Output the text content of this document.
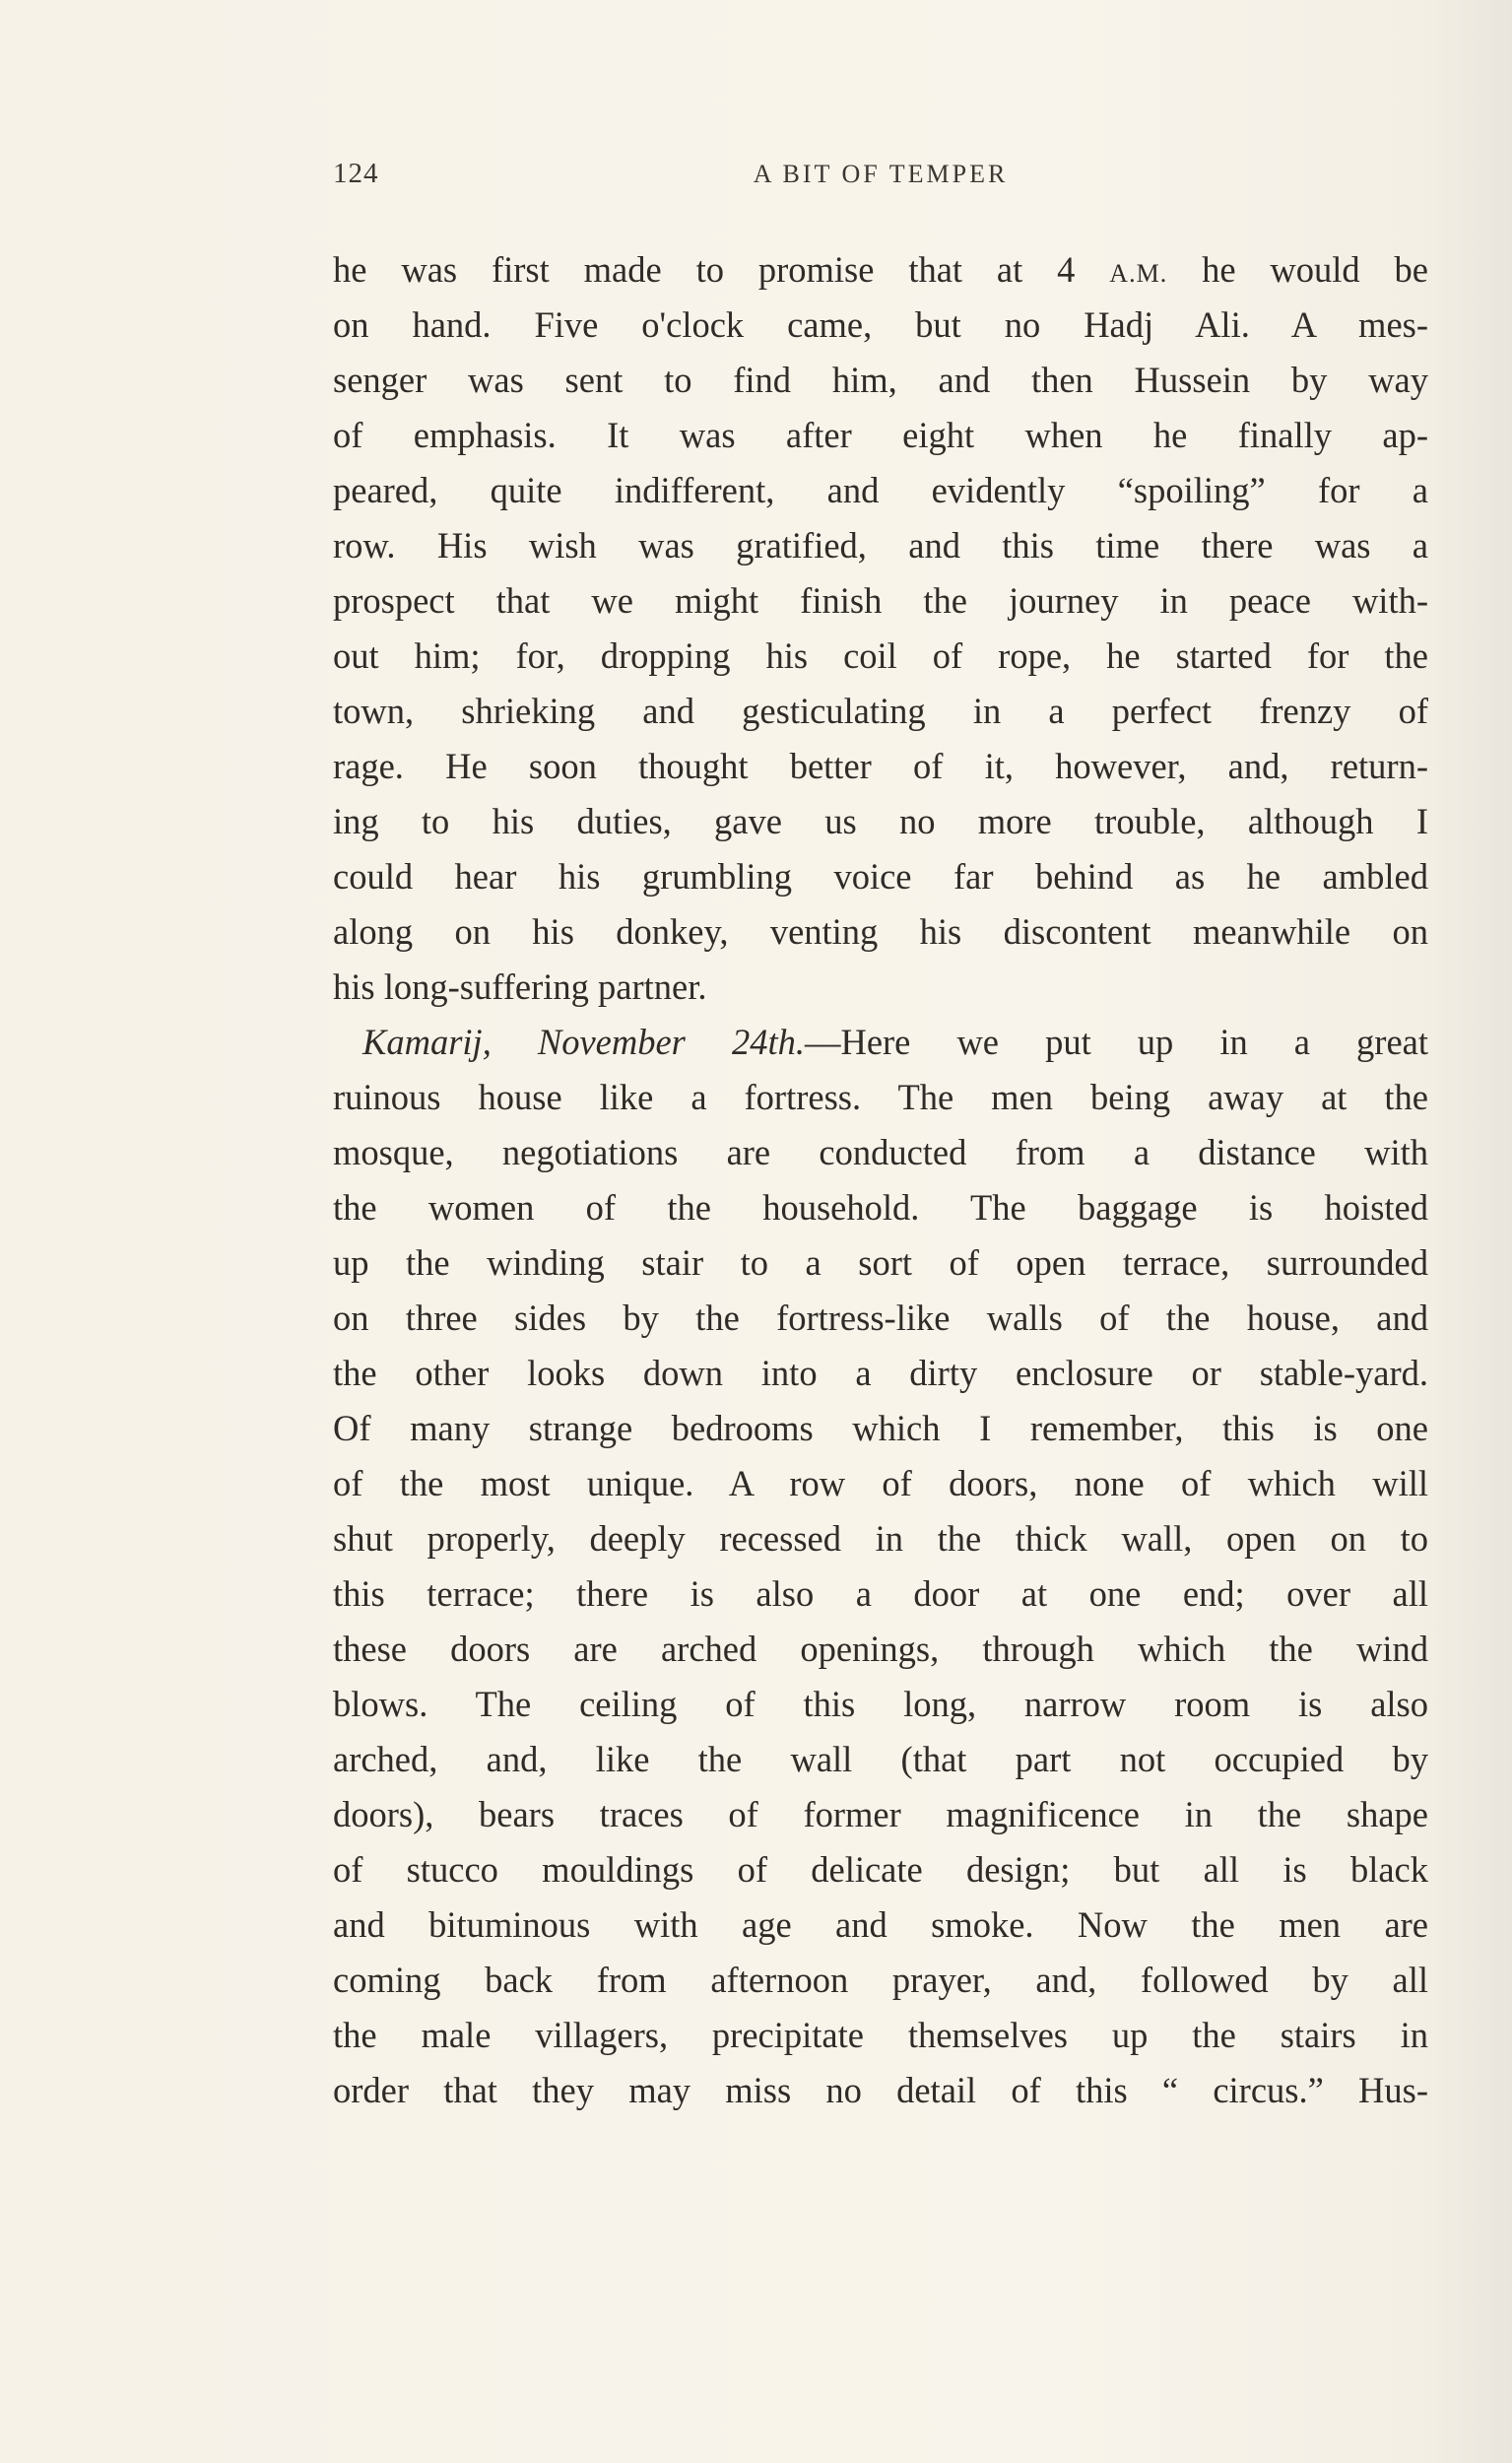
124	A BIT OF TEMPER
he was first made to promise that at 4 A.M. he would be
on hand. Five o'clock came, but no Hadj Ali. A mes-
senger was sent to find him, and then Hussein by way
of emphasis. It was after eight when he finally ap-
peared, quite indifferent, and evidently “spoiling” for a
row. His wish was gratified, and this time there was a
prospect that we might finish the journey in peace with-
out him; for, dropping his coil of rope, he started for the
town, shrieking and gesticulating in a perfect frenzy of
rage. He soon thought better of it, however, and, return-
ing to his duties, gave us no more trouble, although I
could hear his grumbling voice far behind as he ambled
along on his donkey, venting his discontent meanwhile on
his long-suffering partner.
Kamarij, November 24th.—Here we put up in a great
ruinous house like a fortress. The men being away at the
mosque, negotiations are conducted from a distance with
the women of the household. The baggage is hoisted
up the winding stair to a sort of open terrace, surrounded
on three sides by the fortress-like walls of the house, and
the other looks down into a dirty enclosure or stable-yard.
Of many strange bedrooms which I remember, this is one
of the most unique. A row of doors, none of which will
shut properly, deeply recessed in the thick wall, open on to
this terrace; there is also a door at one end; over all
these doors are arched openings, through which the wind
blows. The ceiling of this long, narrow room is also
arched, and, like the wall (that part not occupied by
doors), bears traces of former magnificence in the shape
of stucco mouldings of delicate design; but all is black
and bituminous with age and smoke. Now the men are
coming back from afternoon prayer, and, followed by all
the male villagers, precipitate themselves up the stairs in
order that they may miss no detail of this “ circus.” Hus-
